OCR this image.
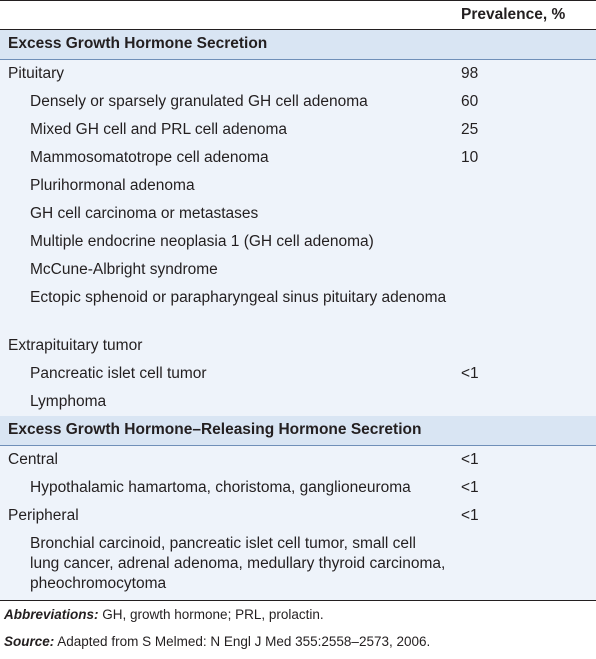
Prevalence, %
Excess Growth Hormone Secretion
Pituitary	98
Densely or sparsely granulated GH cell adenoma	60
Mixed GH cell and PRL cell adenoma	25
Mammosomatotrope cell adenoma	10
Plurihormonal adenoma
GH cell carcinoma or metastases
Multiple endocrine neoplasia 1 (GH cell adenoma)
McCune-Albright syndrome
Ectopic sphenoid or parapharyngeal sinus pituitary adenoma
Extrapituitary tumor
Pancreatic islet cell tumor	<1
Lymphoma
Excess Growth Hormone–Releasing Hormone Secretion
Central	<1
Hypothalamic hamartoma, choristoma, ganglioneuroma	<1
Peripheral	<1
Bronchial carcinoid, pancreatic islet cell tumor, small cell lung cancer, adrenal adenoma, medullary thyroid carcinoma, pheochromocytoma
Abbreviations: GH, growth hormone; PRL, prolactin.
Source: Adapted from S Melmed: N Engl J Med 355:2558–2573, 2006.
